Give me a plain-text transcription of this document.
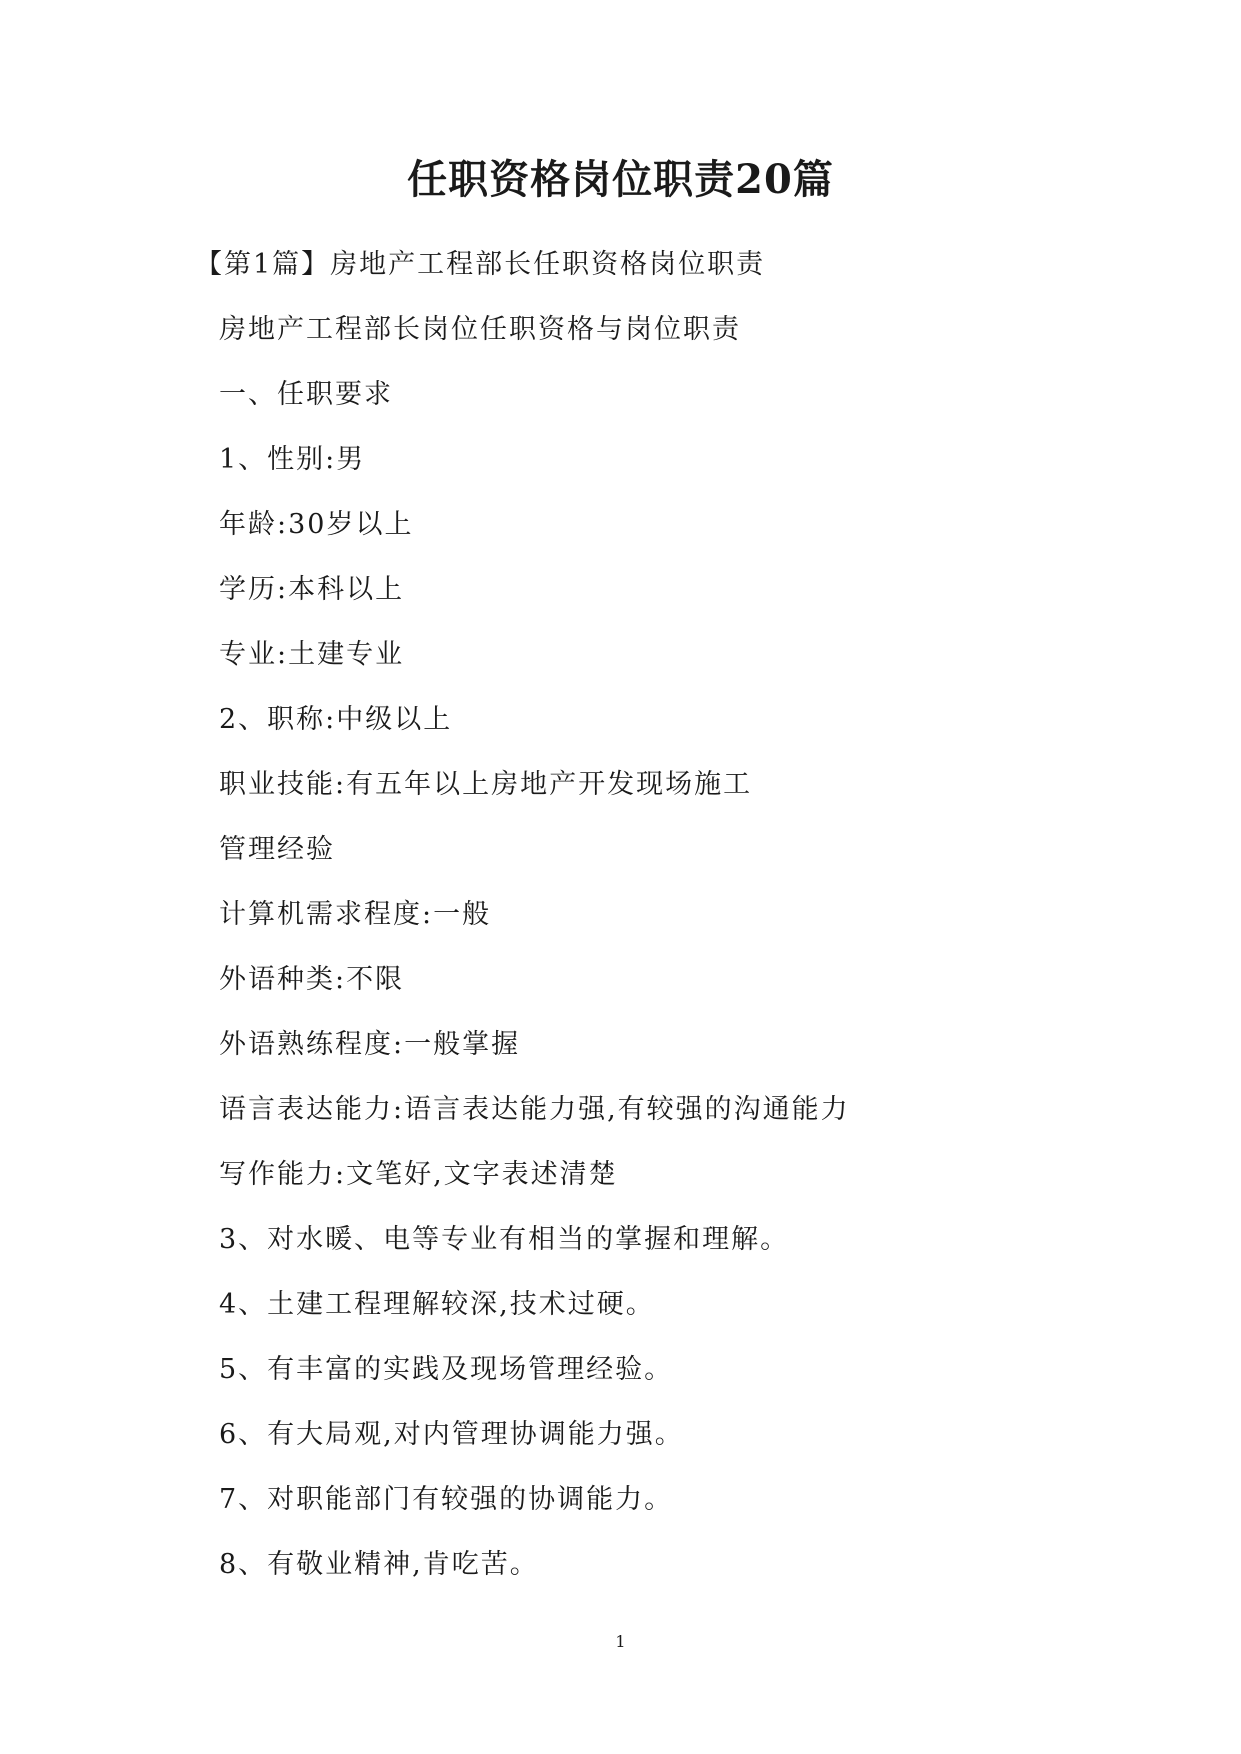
任职资格岗位职责20篇
【第1篇】房地产工程部长任职资格岗位职责
房地产工程部长岗位任职资格与岗位职责
一、任职要求
1、性别:男
年龄:30岁以上
学历:本科以上
专业:土建专业
2、职称:中级以上
职业技能:有五年以上房地产开发现场施工
管理经验
计算机需求程度:一般
外语种类:不限
外语熟练程度:一般掌握
语言表达能力:语言表达能力强,有较强的沟通能力
写作能力:文笔好,文字表述清楚
3、对水暖、电等专业有相当的掌握和理解。
4、土建工程理解较深,技术过硬。
5、有丰富的实践及现场管理经验。
6、有大局观,对内管理协调能力强。
7、对职能部门有较强的协调能力。
8、有敬业精神,肯吃苦。
1
